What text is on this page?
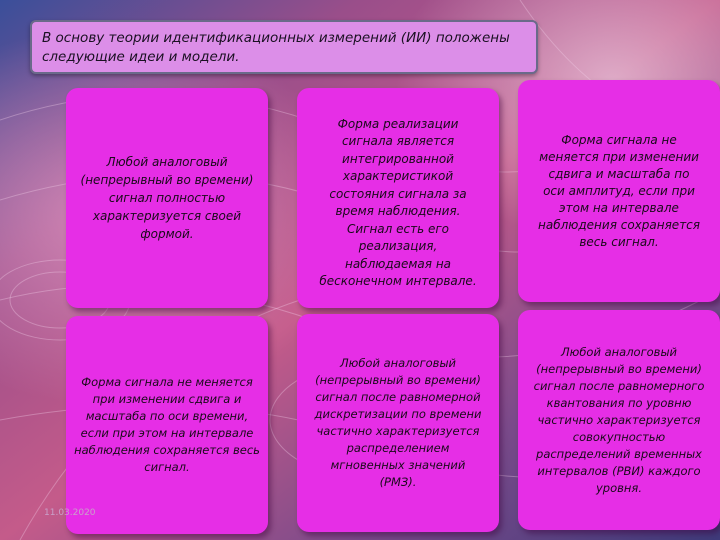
В основу теории идентификационных измерений (ИИ) положены следующие идеи и модели.
Любой аналоговый (непрерывный во времени) сигнал полностью характеризуется своей формой.
Форма реализации сигнала является интегрированной характеристикой состояния сигнала за время наблюдения. Сигнал есть его реализация, наблюдаемая на бесконечном интервале.
Форма сигнала не меняется при изменении сдвига и масштаба по оси амплитуд, если при этом на интервале наблюдения сохраняется весь сигнал.
Форма сигнала не меняется при изменении сдвига и масштаба по оси времени, если при этом на интервале наблюдения сохраняется весь сигнал.
Любой аналоговый (непрерывный во времени) сигнал после равномерной дискретизации по времени частично характеризуется распределением мгновенных значений (РМЗ).
Любой аналоговый (непрерывный во времени) сигнал после равномерного квантования по уровню частично характеризуется совокупностью распределений временных интервалов (РВИ) каждого уровня.
11.03.2020
